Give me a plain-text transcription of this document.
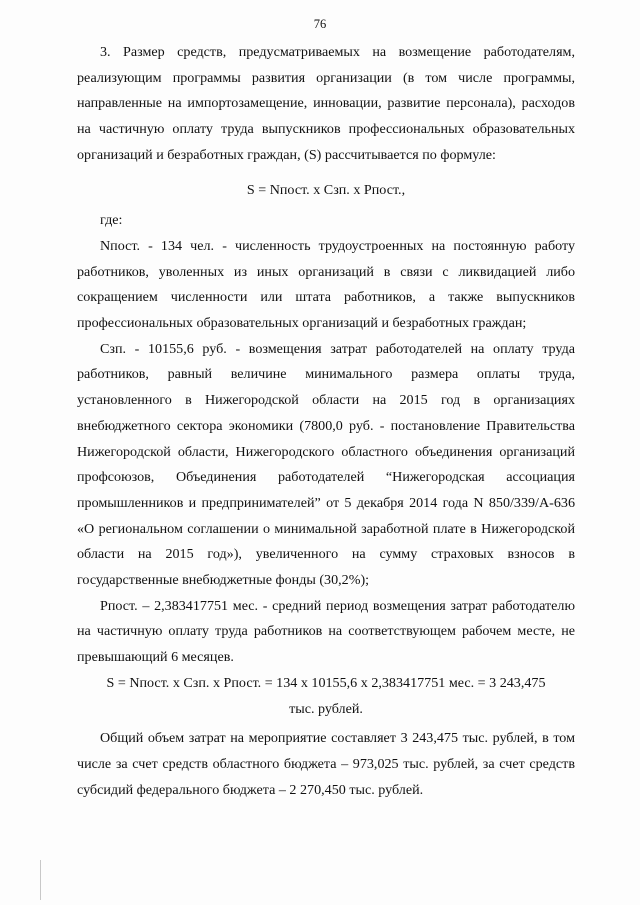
76

3. Размер средств, предусматриваемых на возмещение работодателям, реализующим программы развития организации (в том числе программы, направленные на импортозамещение, инновации, развитие персонала), расходов на частичную оплату труда выпускников профессиональных образовательных организаций и безработных граждан, (S) рассчитывается по формуле:

S = Nпост. х Сзп. х Рпост.,

где:

Nпост. - 134 чел. - численность трудоустроенных на постоянную работу работников, уволенных из иных организаций в связи с ликвидацией либо сокращением численности или штата работников, а также выпускников профессиональных образовательных организаций и безработных граждан;

Сзп. - 10155,6 руб. - возмещения затрат работодателей на оплату труда работников, равный величине минимального размера оплаты труда, установленного в Нижегородской области на 2015 год в организациях внебюджетного сектора экономики (7800,0 руб. - постановление Правительства Нижегородской области, Нижегородского областного объединения организаций профсоюзов, Объединения работодателей “Нижегородская ассоциация промышленников и предпринимателей” от 5 декабря 2014 года N 850/339/А-636 «О региональном соглашении о минимальной заработной плате в Нижегородской области на 2015 год»), увеличенного на сумму страховых взносов в государственные внебюджетные фонды (30,2%);

Рпост. – 2,383417751 мес. - средний период возмещения затрат работодателю на частичную оплату труда работников на соответствующем рабочем месте, не превышающий 6 месяцев.

S = Nпост. х Сзп. х Рпост. = 134 х 10155,6 х 2,383417751 мес. = 3 243,475

тыс. рублей.

Общий объем затрат на мероприятие составляет 3 243,475 тыс. рублей, в том числе за счет средств областного бюджета – 973,025 тыс. рублей, за счет средств субсидий федерального бюджета – 2 270,450 тыс. рублей.
